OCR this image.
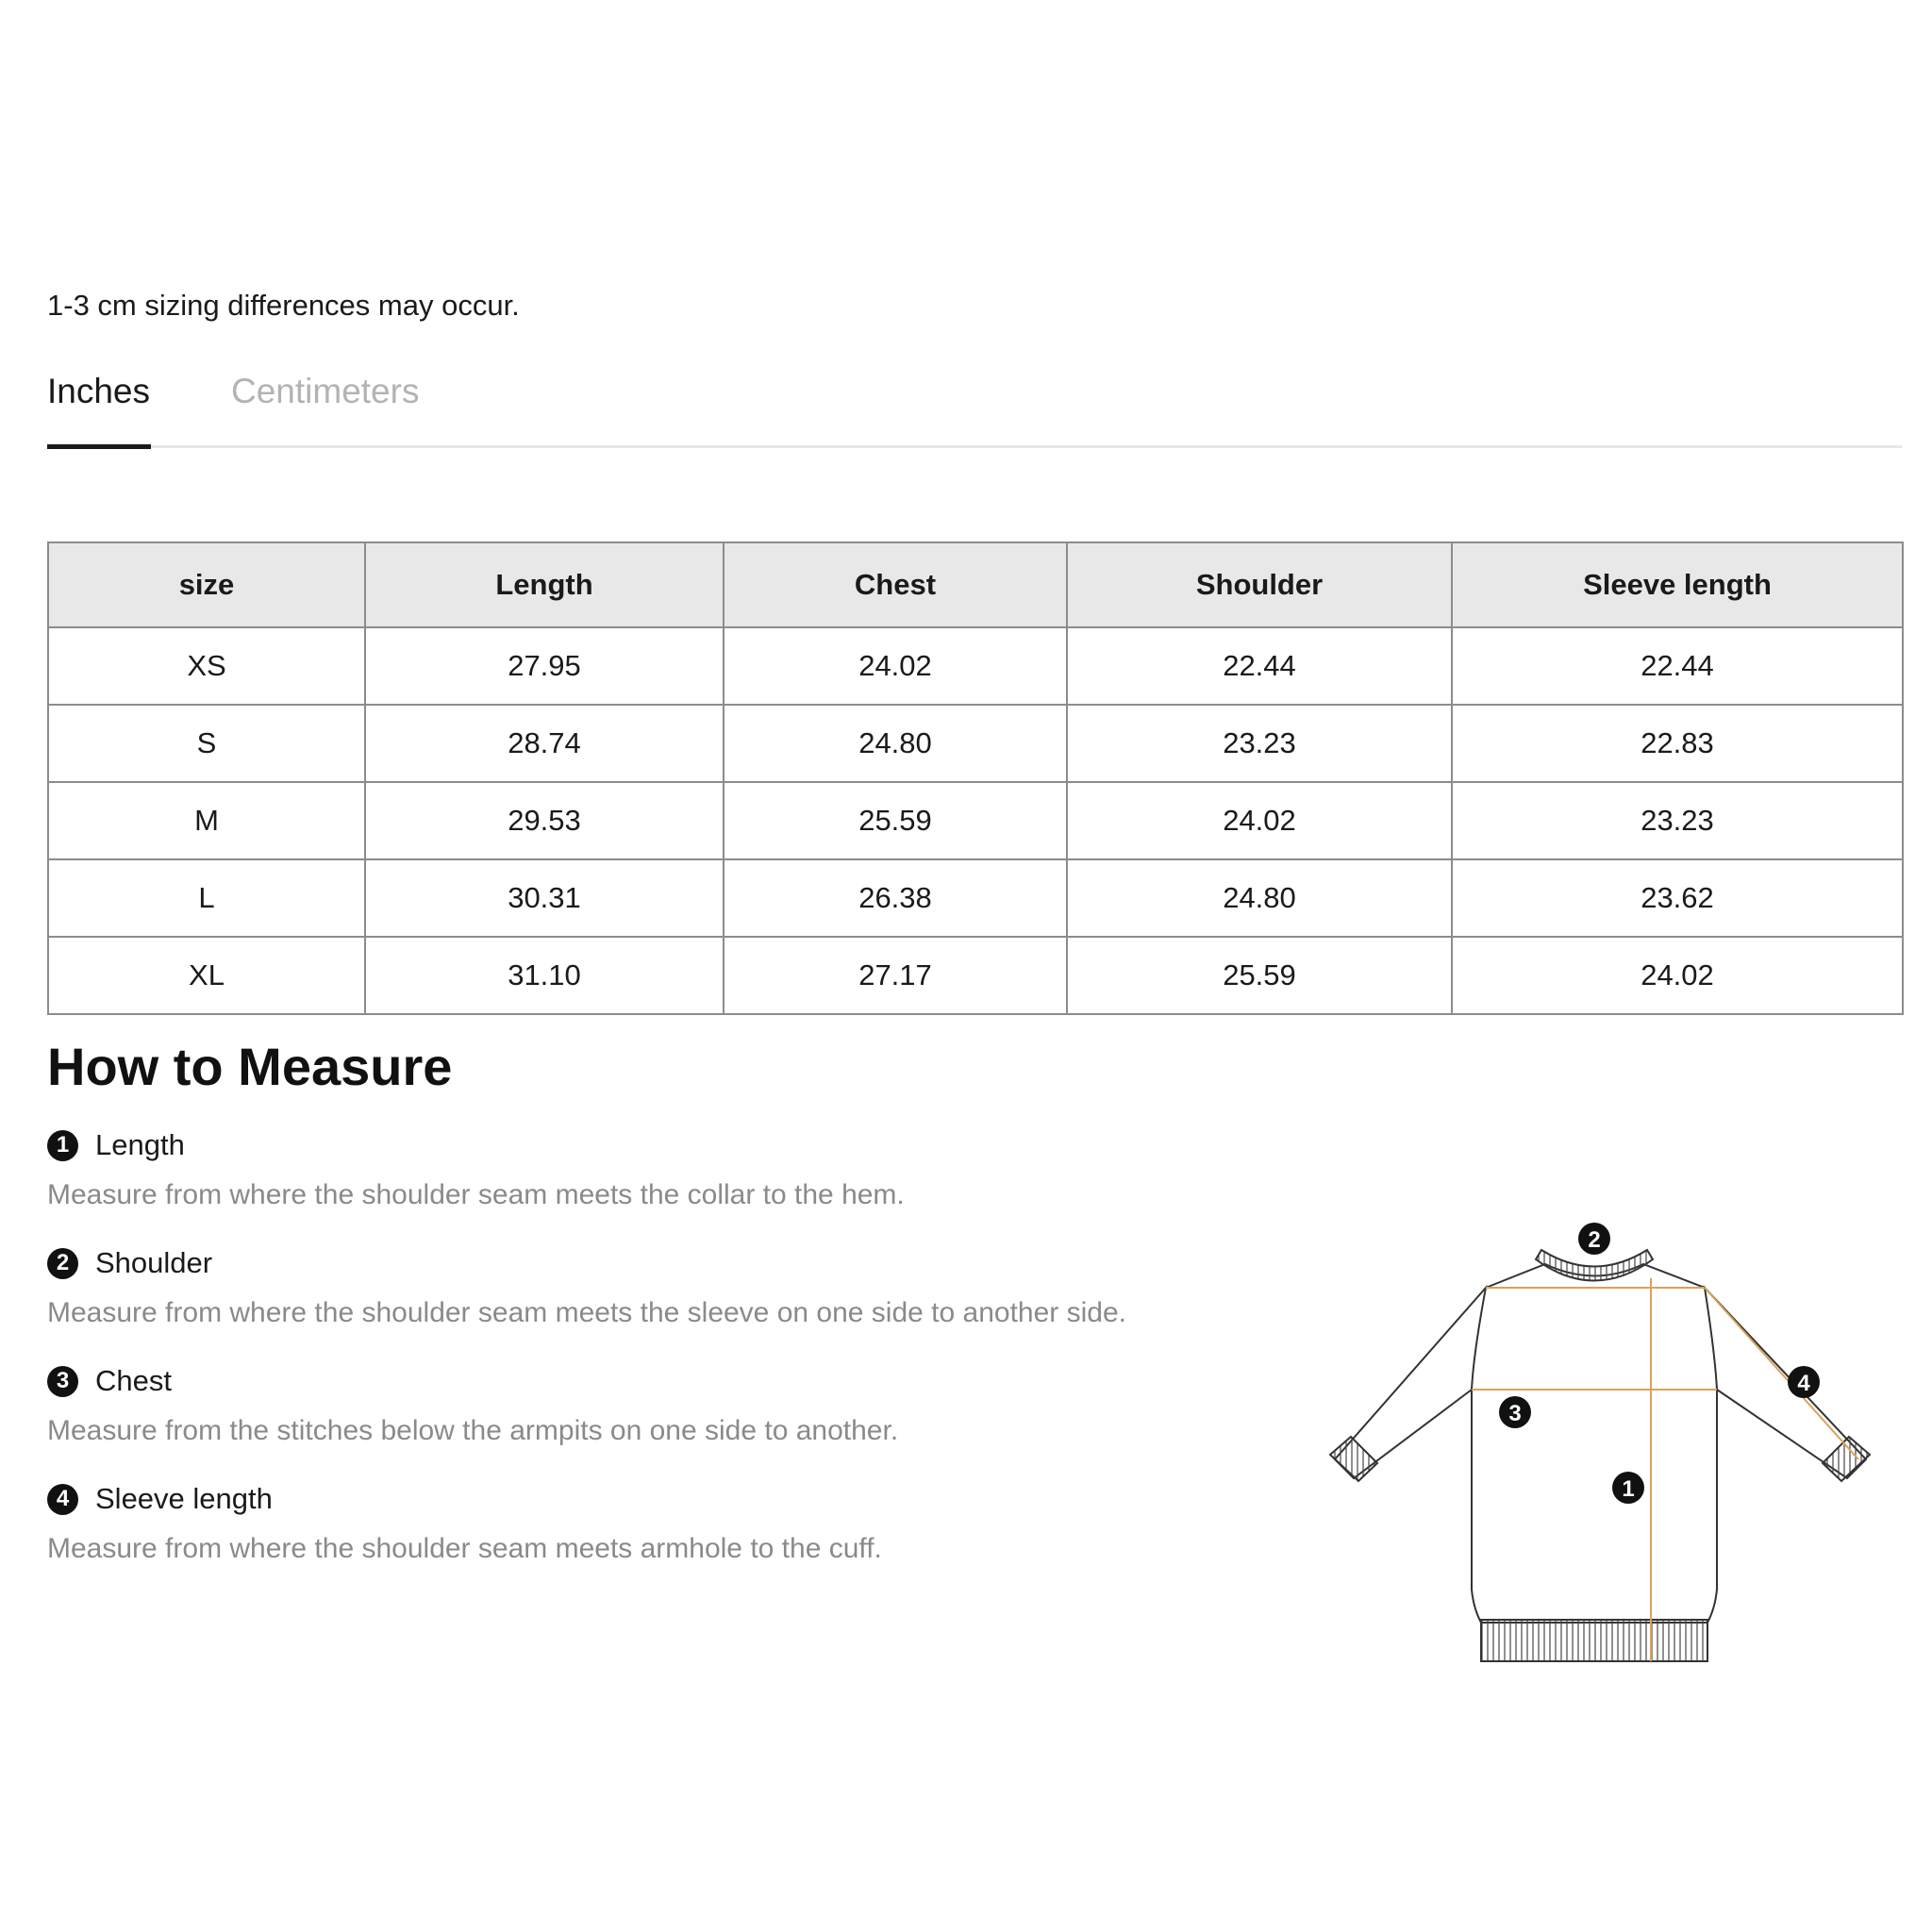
1-3 cm sizing differences may occur.
Inches Centimeters
size	Length	Chest	Shoulder	Sleeve length
XS	27.95	24.02	22.44	22.44
S	28.74	24.80	23.23	22.83
M	29.53	25.59	24.02	23.23
L	30.31	26.38	24.80	23.62
XL	31.10	27.17	25.59	24.02
How to Measure
1 Length
Measure from where the shoulder seam meets the collar to the hem.
2 Shoulder
Measure from where the shoulder seam meets the sleeve on one side to another side.
3 Chest
Measure from the stitches below the armpits on one side to another.
4 Sleeve length
Measure from where the shoulder seam meets armhole to the cuff.
2
3
1
4
